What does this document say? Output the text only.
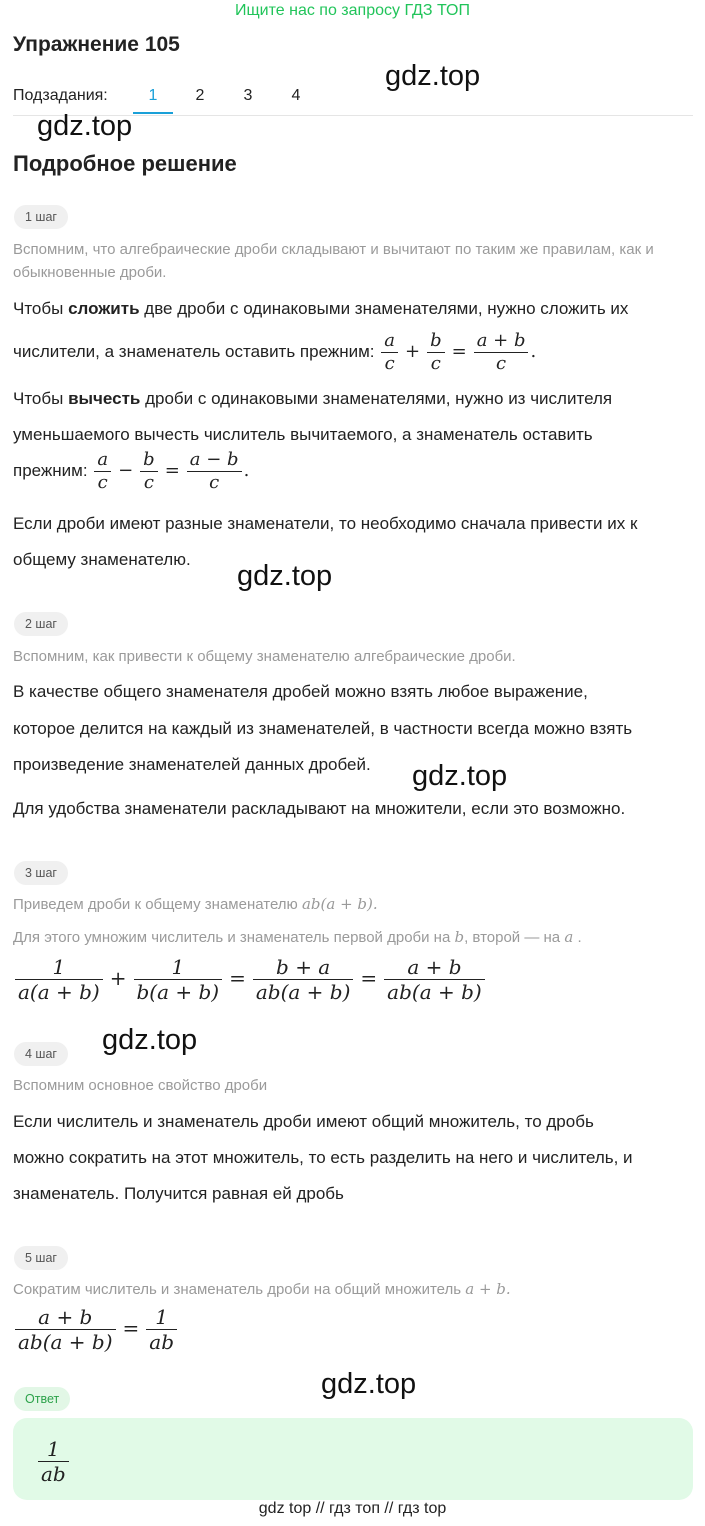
Ищите нас по запросу ГДЗ ТОП
Упражнение 105
Подзадания:	1	2	3	4
gdz.top
gdz.top
Подробное решение
1 шаг
Вспомним, что алгебраические дроби складывают и вычитают по таким же правилам, как и обыкновенные дроби.
Чтобы сложить две дроби с одинаковыми знаменателями, нужно сложить их
числители, а знаменатель оставить прежним: $\frac{a}{c} + \frac{b}{c} = \frac{a + b}{c}$ .
Чтобы вычесть дроби с одинаковыми знаменателями, нужно из числителя
уменьшаемого вычесть числитель вычитаемого, а знаменатель оставить
прежним: $\frac{a}{c} - \frac{b}{c} = \frac{a - b}{c}$ .
Если дроби имеют разные знаменатели, то необходимо сначала привести их к
общему знаменателю.
gdz.top
2 шаг
Вспомним, как привести к общему знаменателю алгебраические дроби.
В качестве общего знаменателя дробей можно взять любое выражение,
которое делится на каждый из знаменателей, в частности всегда можно взять
произведение знаменателей данных дробей. gdz.top
Для удобства знаменатели раскладывают на множители, если это возможно.
3 шаг
Приведем дроби к общему знаменателю ab(a + b).
Для этого умножим числитель и знаменатель первой дроби на b, второй — на a .
$\frac{1}{a(a + b)} + \frac{1}{b(a + b)} = \frac{b + a}{ab(a + b)} = \frac{a + b}{ab(a + b)}$
gdz.top
4 шаг
Вспомним основное свойство дроби
Если числитель и знаменатель дроби имеют общий множитель, то дробь
можно сократить на этот множитель, то есть разделить на него и числитель, и
знаменатель. Получится равная ей дробь
5 шаг
Сократим числитель и знаменатель дроби на общий множитель a + b.
$\frac{a + b}{ab(a + b)} = \frac{1}{ab}$
gdz.top
Ответ
$\frac{1}{ab}$
gdz top // гдз топ // гдз top
